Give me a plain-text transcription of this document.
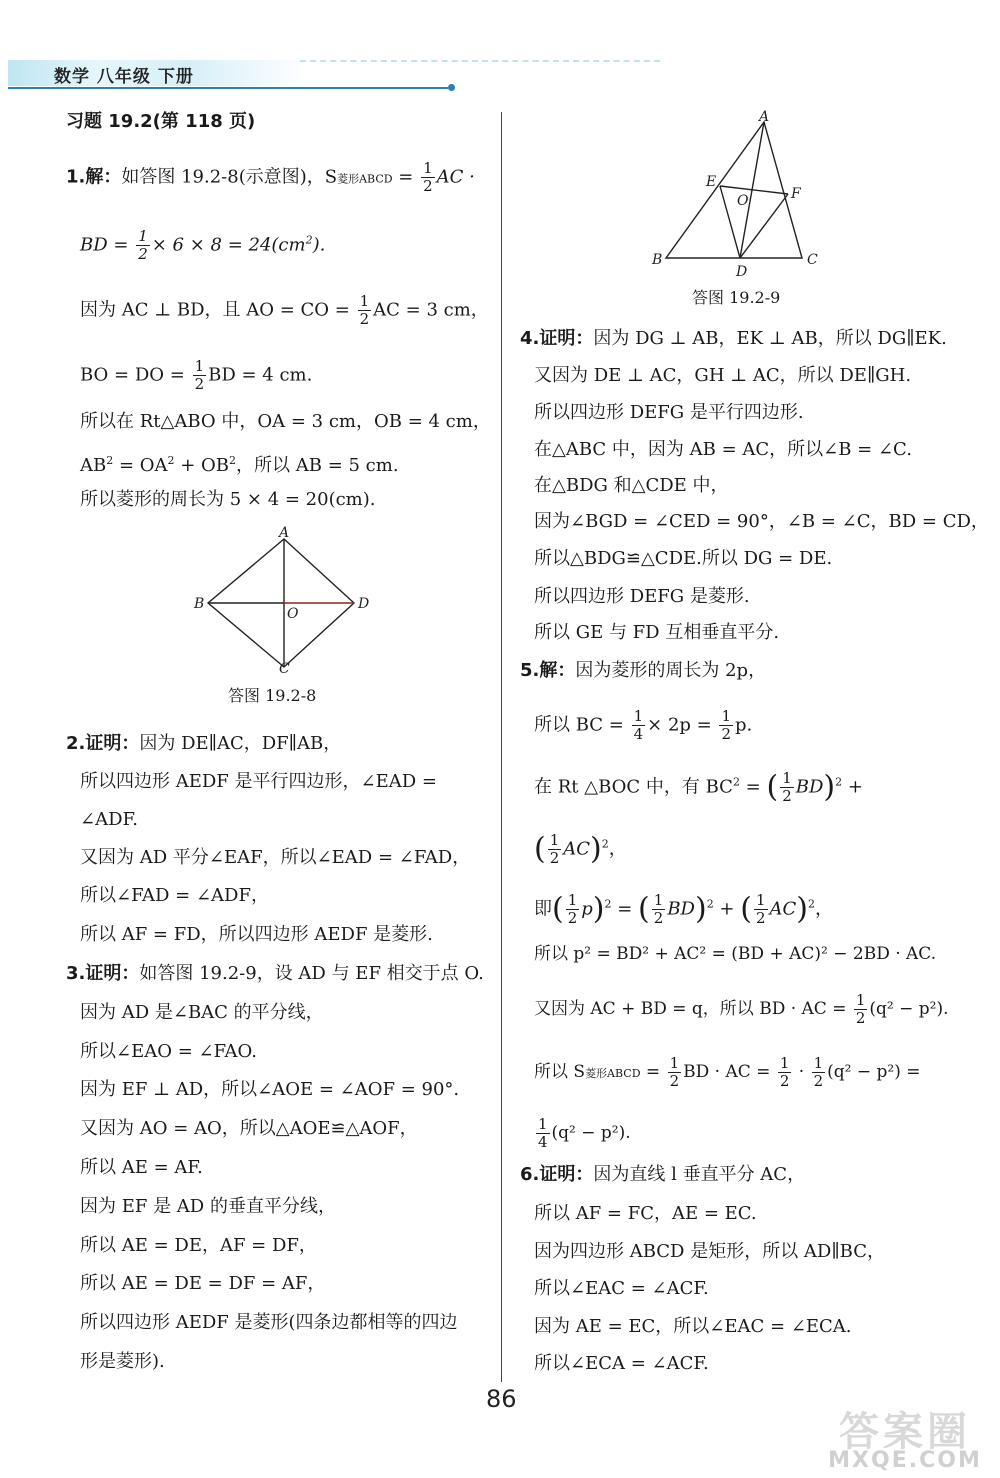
数学 八年级 下册
习题 19.2(第 118 页)
1.解：如答图 19.2-8(示意图)，S菱形ABCD = $\frac{1}{2}$ AC ·
BD = $\frac{1}{2} \times 6 \times 8 = 24(cm^2)$.
因为 AC ⊥ BD，且 AO = CO = $\frac{1}{2}$ AC = 3 cm，
BO = DO = $\frac{1}{2}$ BD = 4 cm.
所以在 Rt△ABO 中，OA = 3 cm，OB = 4 cm，
$AB^2 = OA^2 + OB^2$，所以 AB = 5 cm.
所以菱形的周长为 5 × 4 = 20(cm).
A
B
C
D
O
答图 19.2-8
2.证明：因为 DE∥AC，DF∥AB，
所以四边形 AEDF 是平行四边形，∠EAD =
∠ADF.
又因为 AD 平分∠EAF，所以∠EAD = ∠FAD，
所以∠FAD = ∠ADF，
所以 AF = FD，所以四边形 AEDF 是菱形.
3.证明：如答图 19.2-9，设 AD 与 EF 相交于点 O.
因为 AD 是∠BAC 的平分线，
所以∠EAO = ∠FAO.
因为 EF ⊥ AD，所以∠AOE = ∠AOF = 90°.
又因为 AO = AO，所以△AOE≌△AOF，
所以 AE = AF.
因为 EF 是 AD 的垂直平分线，
所以 AE = DE，AF = DF，
所以 AE = DE = DF = AF，
所以四边形 AEDF 是菱形(四条边都相等的四边
形是菱形).
A
B	C
D
E
F
O
答图 19.2-9
4.证明：因为 DG ⊥ AB，EK ⊥ AB，所以 DG∥EK.
又因为 DE ⊥ AC，GH ⊥ AC，所以 DE∥GH.
所以四边形 DEFG 是平行四边形.
在△ABC 中，因为 AB = AC，所以∠B = ∠C.
在△BDG 和△CDE 中，
因为∠BGD = ∠CED = 90°，∠B = ∠C，BD = CD，
所以△BDG≌△CDE.所以 DG = DE.
所以四边形 DEFG 是菱形.
所以 GE 与 FD 互相垂直平分.
5.解：因为菱形的周长为 2p，
所以 BC = $\frac{1}{4} \times 2p = \frac{1}{2} p$.
在 Rt △BOC 中，有 $BC^2$ = ( $\frac{1}{2} BD)^2$ +
( $\frac{1}{2} AC)^2$，
即( $\frac{1}{2} p)^2$ = ( $\frac{1}{2} BD)^2$ + ( $\frac{1}{2} AC)^2$，
所以 p² = BD² + AC² = (BD + AC)² − 2BD · AC.
又因为 AC + BD = q，所以 BD · AC = $\frac{1}{2} (q^2 - p^2)$.
所以 S菱形ABCD = $\frac{1}{2}$ BD · AC = $\frac{1}{2} \cdot \frac{1}{2} (q^2 - p^2)$ =
$\frac{1}{4} (q^2 - p^2)$.
6.证明：因为直线 l 垂直平分 AC，
所以 AF = FC，AE = EC.
因为四边形 ABCD 是矩形，所以 AD∥BC，
所以∠EAC = ∠ACF.
因为 AE = EC，所以∠EAC = ∠ECA.
所以∠ECA = ∠ACF.
86
答案圈
MXQE.COM
